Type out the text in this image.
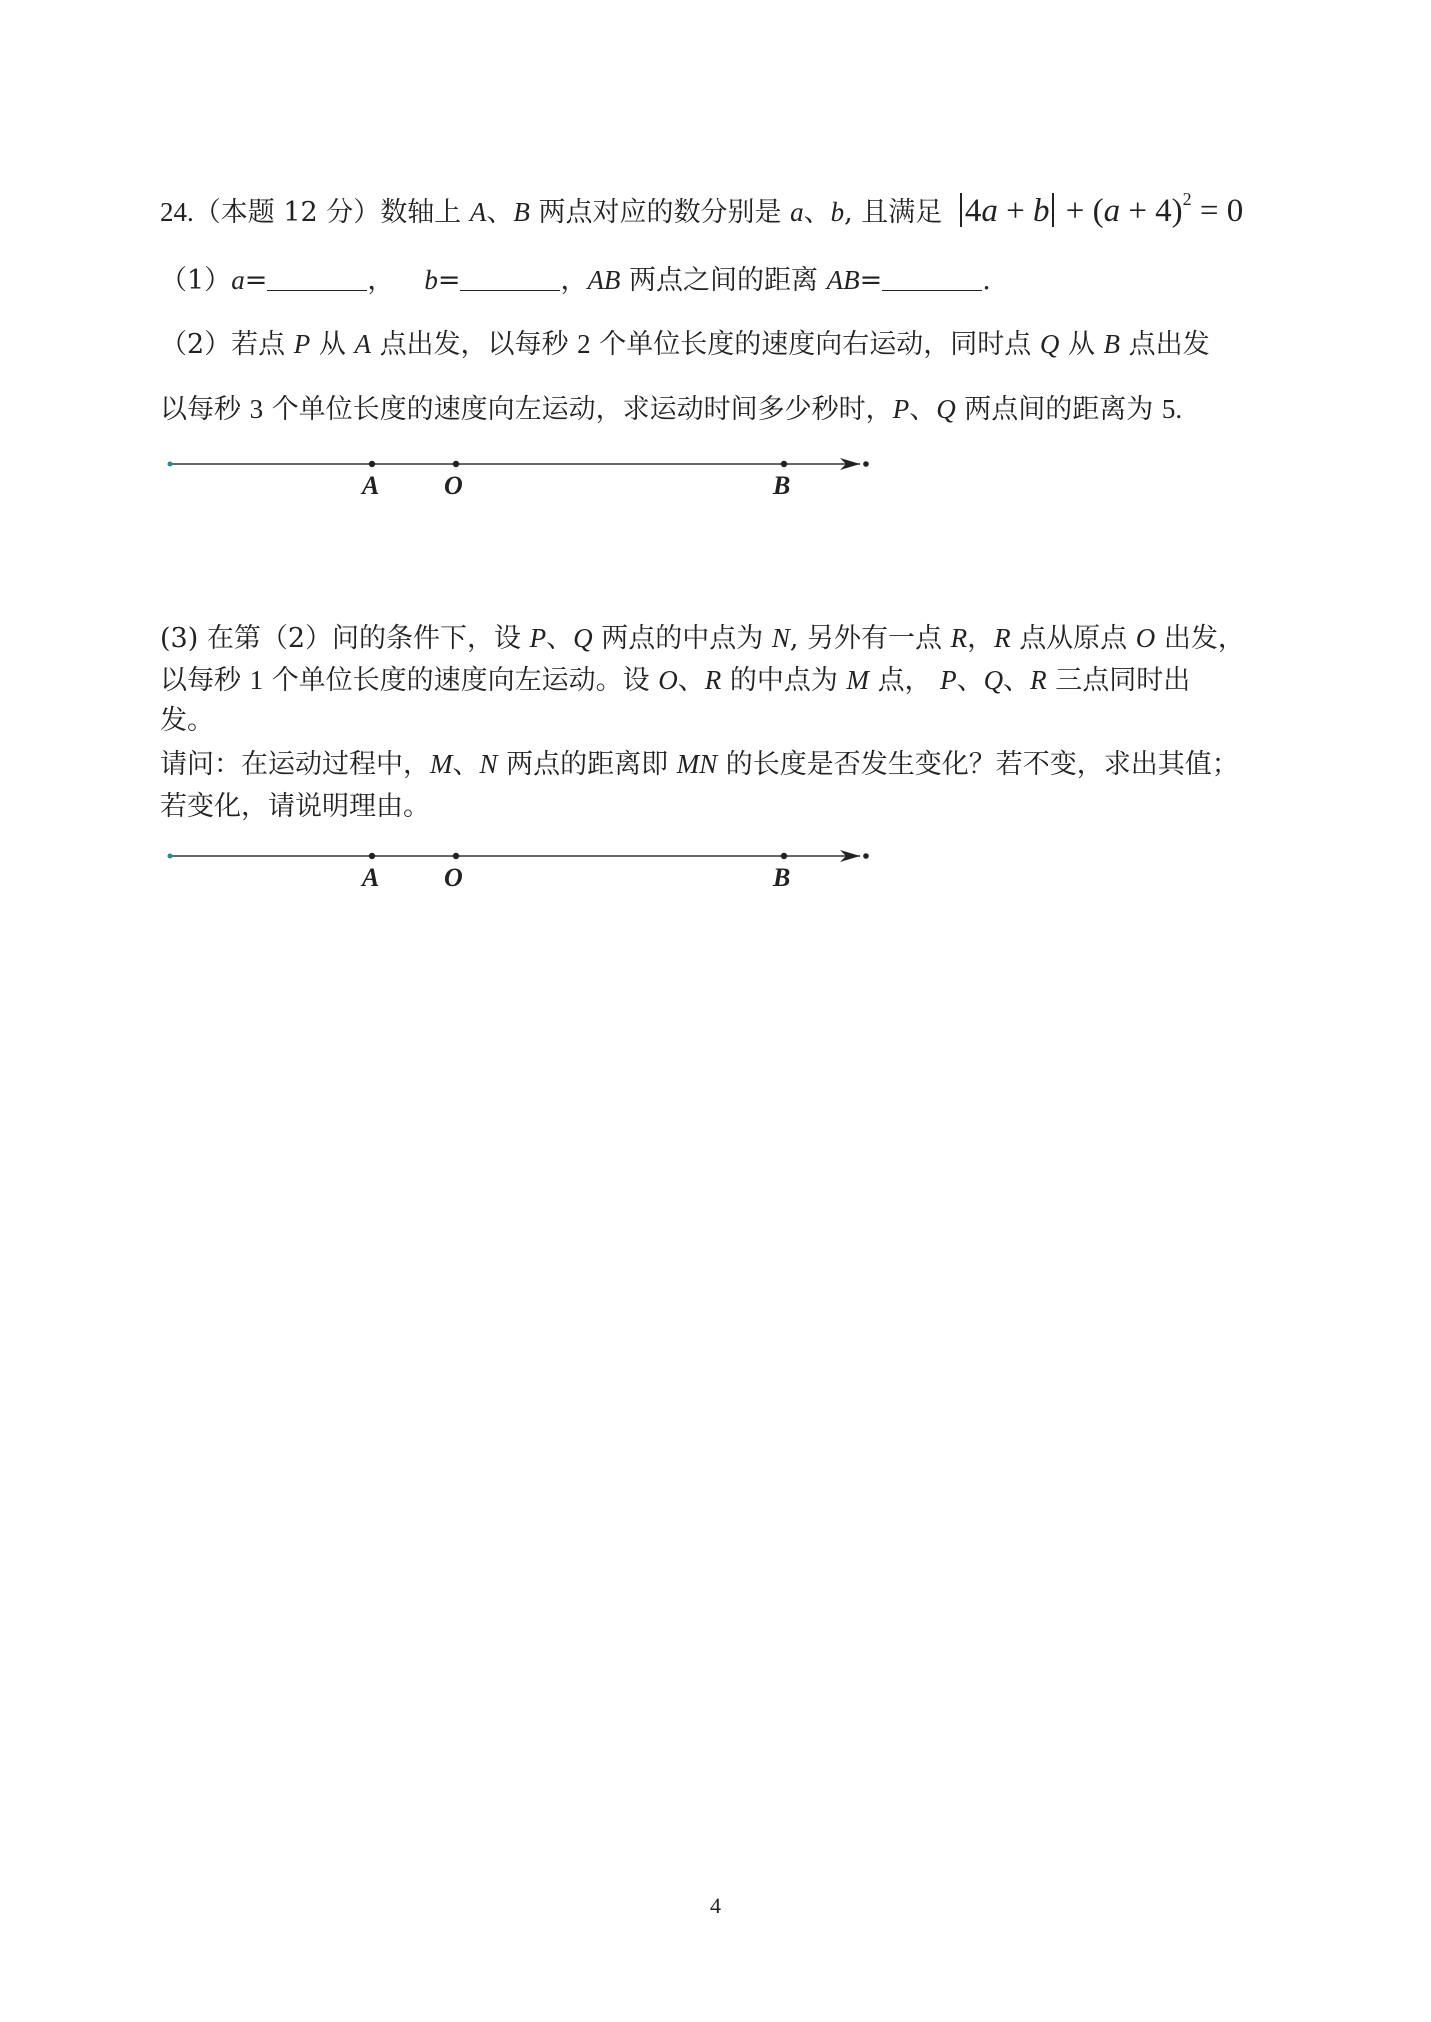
24.（本题 12 分）数轴上 A、B 两点对应的数分别是 a、b, 且满足 $4a + b + (a + 4)^2 = 0$
（1）a=	， b=	，AB 两点之间的距离 AB=	.
（2）若点 P 从 A 点出发，以每秒 2 个单位长度的速度向右运动，同时点 Q 从 B 点出发
以每秒 3 个单位长度的速度向左运动，求运动时间多少秒时，P、Q 两点间的距离为 5.
A O	B
(3) 在第（2）问的条件下，设 P、Q 两点的中点为 N, 另外有一点 R，R 点从原点 O 出发，
以每秒 1 个单位长度的速度向左运动。设 O、R 的中点为 M 点， P、Q、R 三点同时出
发。
请问：在运动过程中，M、N 两点的距离即 MN 的长度是否发生变化？若不变，求出其值；
若变化，请说明理由。
A O	B
4
